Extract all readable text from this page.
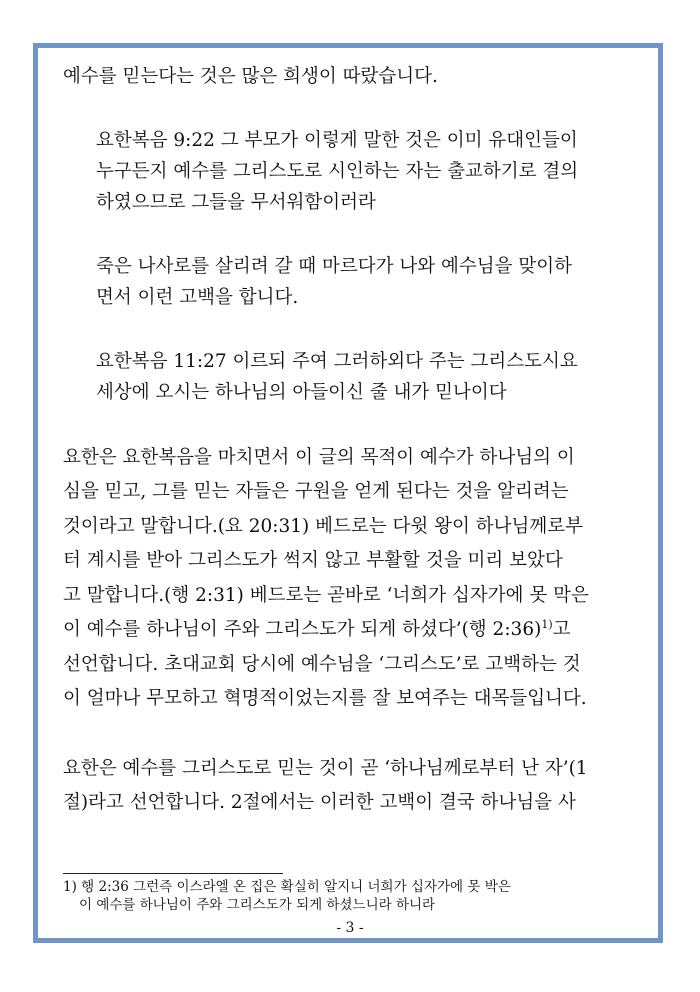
예수를 믿는다는 것은 많은 희생이 따랐습니다.

요한복음 9:22 그 부모가 이렇게 말한 것은 이미 유대인들이
누구든지 예수를 그리스도로 시인하는 자는 출교하기로 결의
하였으므로 그들을 무서워함이러라

죽은 나사로를 살리려 갈 때 마르다가 나와 예수님을 맞이하
면서 이런 고백을 합니다.

요한복음 11:27 이르되 주여 그러하외다 주는 그리스도시요
세상에 오시는 하나님의 아들이신 줄 내가 믿나이다

요한은 요한복음을 마치면서 이 글의 목적이 예수가 하나님의 이
심을 믿고, 그를 믿는 자들은 구원을 얻게 된다는 것을 알리려는
것이라고 말합니다.(요 20:31) 베드로는 다윗 왕이 하나님께로부
터 계시를 받아 그리스도가 썩지 않고 부활할 것을 미리 보았다
고 말합니다.(행 2:31) 베드로는 곧바로 ‘너희가 십자가에 못 막은
이 예수를 하나님이 주와 그리스도가 되게 하셨다’(행 2:36)$^{1)}$고
선언합니다. 초대교회 당시에 예수님을 ‘그리스도’로 고백하는 것
이 얼마나 무모하고 혁명적이었는지를 잘 보여주는 대목들입니다.

요한은 예수를 그리스도로 믿는 것이 곧 ‘하나님께로부터 난 자’(1
절)라고 선언합니다. 2절에서는 이러한 고백이 결국 하나님을 사

1) 행 2:36 그런즉 이스라엘 온 집은 확실히 알지니 너희가 십자가에 못 박은
이 예수를 하나님이 주와 그리스도가 되게 하셨느니라 하니라
- 3 -
